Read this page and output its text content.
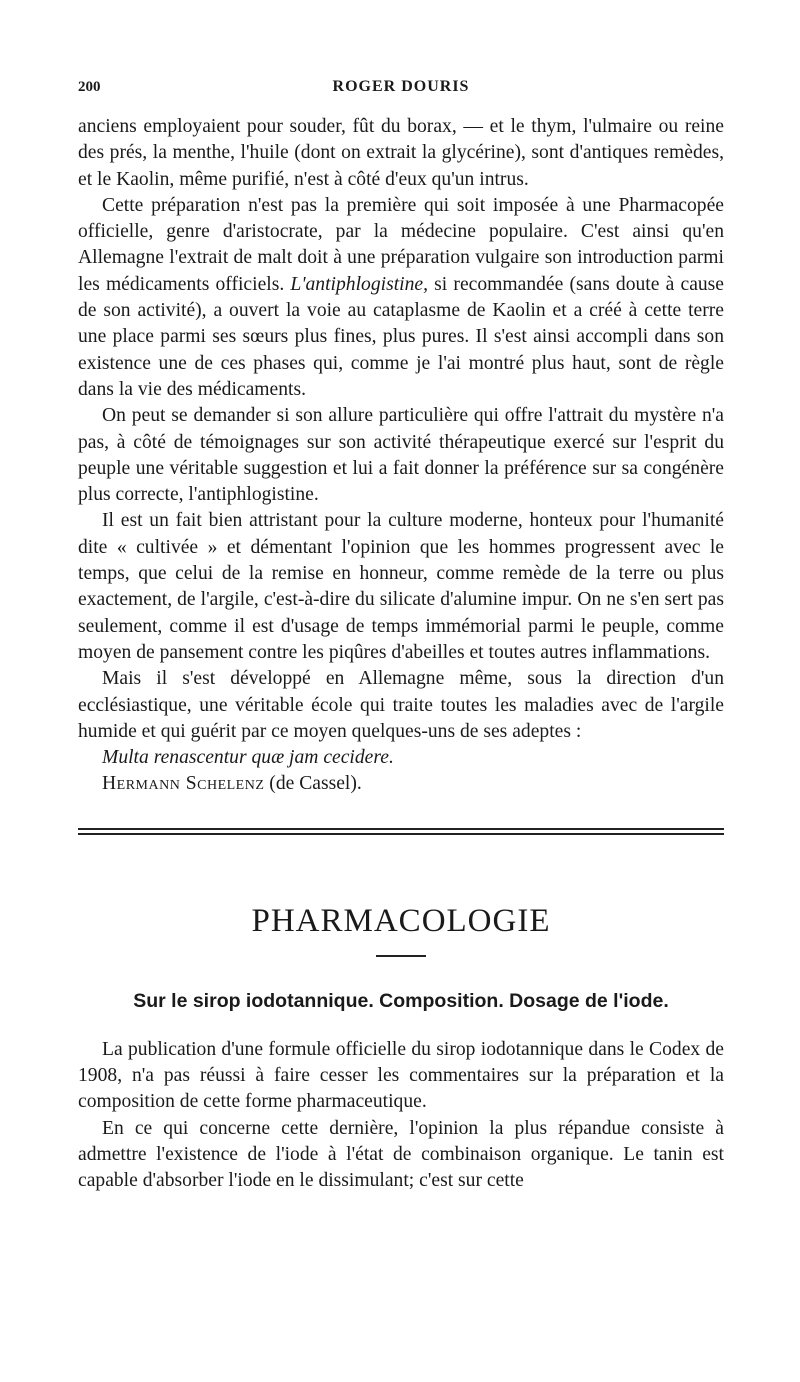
200	ROGER DOURIS

anciens employaient pour souder, fût du borax, — et le thym, l'ulmaire ou reine des prés, la menthe, l'huile (dont on extrait la glycérine), sont d'antiques remèdes, et le Kaolin, même purifié, n'est à côté d'eux qu'un intrus.

Cette préparation n'est pas la première qui soit imposée à une Pharmacopée officielle, genre d'aristocrate, par la médecine populaire. C'est ainsi qu'en Allemagne l'extrait de malt doit à une préparation vulgaire son introduction parmi les médicaments officiels. L'antiphlogistine, si recommandée (sans doute à cause de son activité), a ouvert la voie au cataplasme de Kaolin et a créé à cette terre une place parmi ses sœurs plus fines, plus pures. Il s'est ainsi accompli dans son existence une de ces phases qui, comme je l'ai montré plus haut, sont de règle dans la vie des médicaments.

On peut se demander si son allure particulière qui offre l'attrait du mystère n'a pas, à côté de témoignages sur son activité thérapeutique exercé sur l'esprit du peuple une véritable suggestion et lui a fait donner la préférence sur sa congénère plus correcte, l'antiphlogistine.

Il est un fait bien attristant pour la culture moderne, honteux pour l'humanité dite « cultivée » et démentant l'opinion que les hommes progressent avec le temps, que celui de la remise en honneur, comme remède de la terre ou plus exactement, de l'argile, c'est-à-dire du silicate d'alumine impur. On ne s'en sert pas seulement, comme il est d'usage de temps immémorial parmi le peuple, comme moyen de pansement contre les piqûres d'abeilles et toutes autres inflammations.

Mais il s'est développé en Allemagne même, sous la direction d'un ecclésiastique, une véritable école qui traite toutes les maladies avec de l'argile humide et qui guérit par ce moyen quelques-uns de ses adeptes :

Multa renascentur quæ jam cecidere.

Hermann Schelenz (de Cassel).

PHARMACOLOGIE
Sur le sirop iodotannique. Composition. Dosage de l'iode.

La publication d'une formule officielle du sirop iodotannique dans le Codex de 1908, n'a pas réussi à faire cesser les commentaires sur la préparation et la composition de cette forme pharmaceutique.

En ce qui concerne cette dernière, l'opinion la plus répandue consiste à admettre l'existence de l'iode à l'état de combinaison organique. Le tanin est capable d'absorber l'iode en le dissimulant; c'est sur cette
